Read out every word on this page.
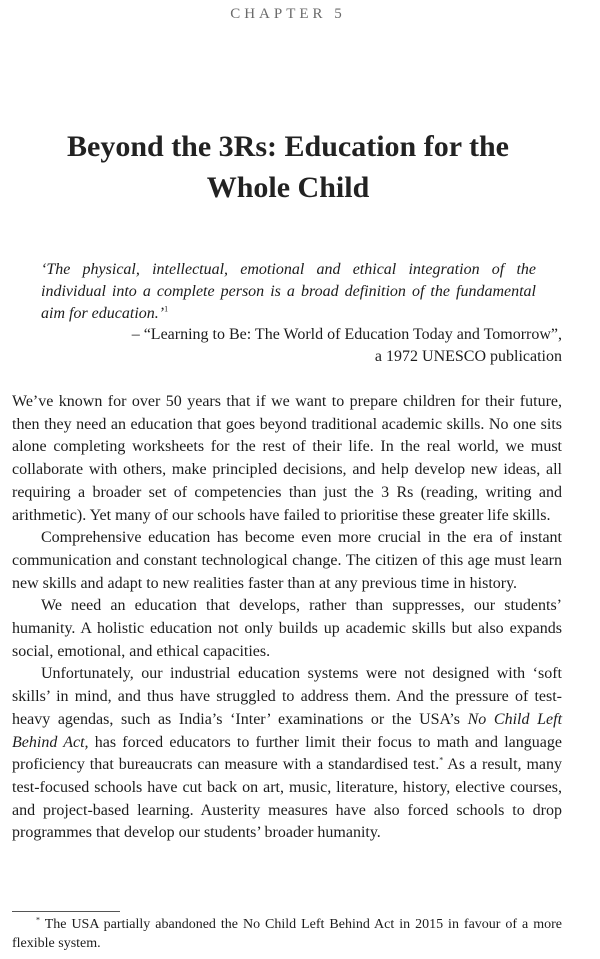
CHAPTER 5

Beyond the 3Rs: Education for the
Whole Child

‘The physical, intellectual, emotional and ethical integration of the individual into a complete person is a broad definition of the fundamental aim for education.’$^1$

– “Learning to Be: The World of Education Today and Tomorrow”,
a 1972 UNESCO publication

We’ve known for over 50 years that if we want to prepare children for their future, then they need an education that goes beyond traditional academic skills. No one sits alone completing worksheets for the rest of their life. In the real world, we must collaborate with others, make principled decisions, and help develop new ideas, all requiring a broader set of competencies than just the 3 Rs (reading, writing and arithmetic). Yet many of our schools have failed to prioritise these greater life skills.

Comprehensive education has become even more crucial in the era of instant communication and constant technological change. The citizen of this age must learn new skills and adapt to new realities faster than at any previous time in history.

We need an education that develops, rather than suppresses, our students’ humanity. A holistic education not only builds up academic skills but also expands social, emotional, and ethical capacities.

Unfortunately, our industrial education systems were not designed with ‘soft skills’ in mind, and thus have struggled to address them. And the pressure of test-heavy agendas, such as India’s ‘Inter’ examinations or the USA’s No Child Left Behind Act, has forced educators to further limit their focus to math and language proficiency that bureaucrats can measure with a standardised test.* As a result, many test-focused schools have cut back on art, music, literature, history, elective courses, and project-based learning. Austerity measures have also forced schools to drop programmes that develop our students’ broader humanity.

* The USA partially abandoned the No Child Left Behind Act in 2015 in favour of a more flexible system.
